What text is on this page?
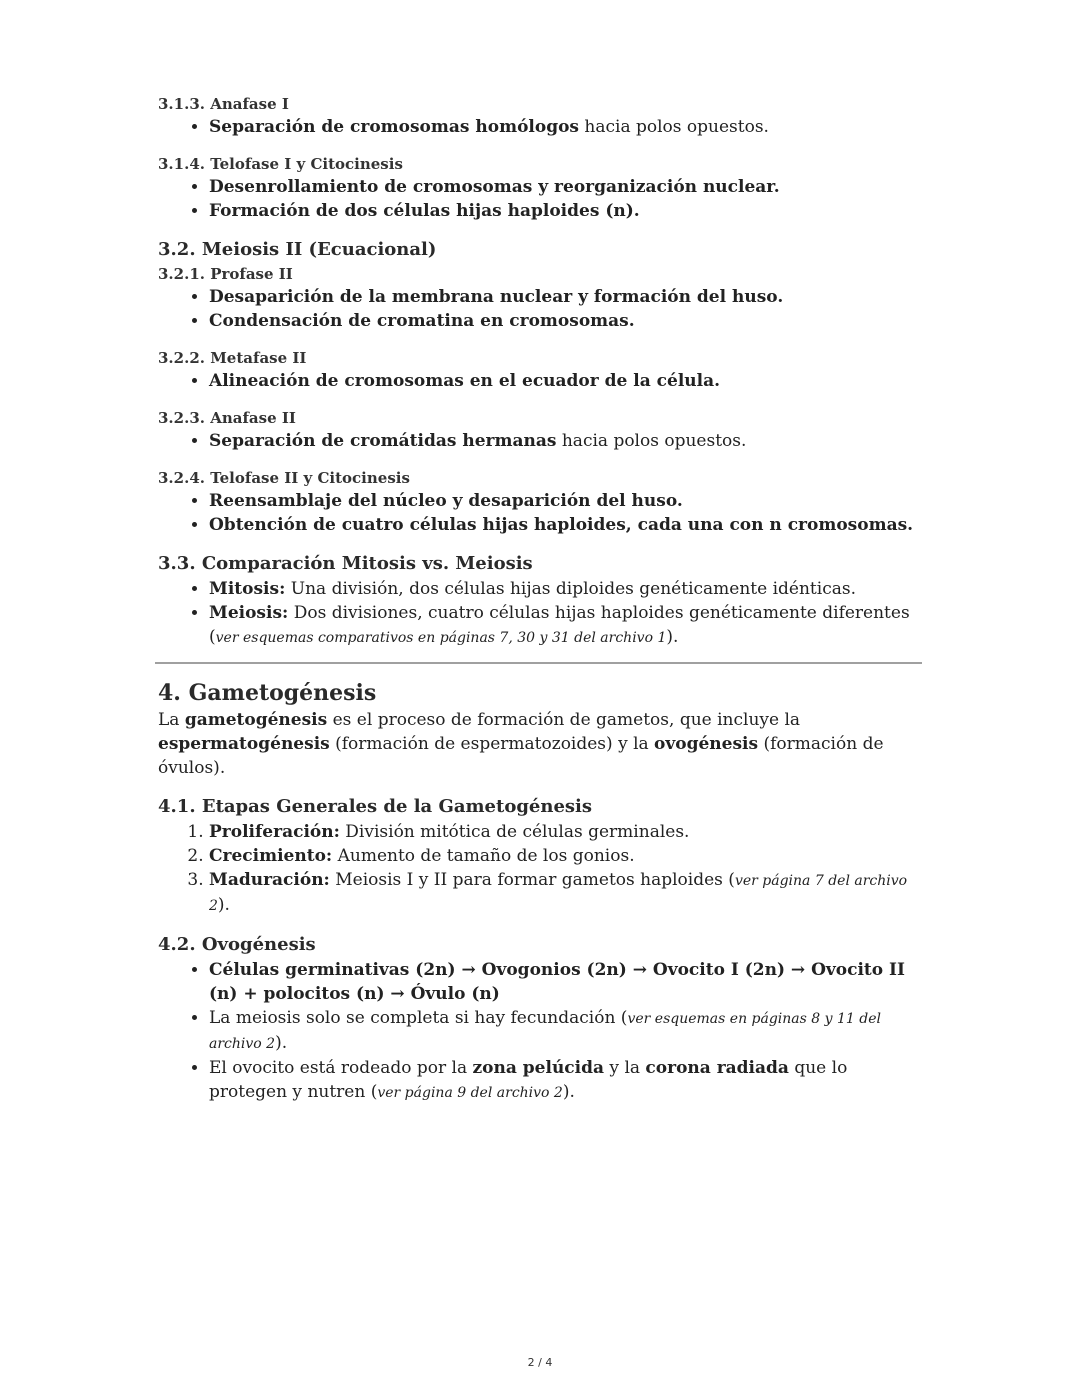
3.1.3. Anafase I
• Separación de cromosomas homólogos hacia polos opuestos.
3.1.4. Telofase I y Citocinesis
• Desenrollamiento de cromosomas y reorganización nuclear.
• Formación de dos células hijas haploides (n).
3.2. Meiosis II (Ecuacional)
3.2.1. Profase II
• Desaparición de la membrana nuclear y formación del huso.
• Condensación de cromatina en cromosomas.
3.2.2. Metafase II
• Alineación de cromosomas en el ecuador de la célula.
3.2.3. Anafase II
• Separación de cromátidas hermanas hacia polos opuestos.
3.2.4. Telofase II y Citocinesis
• Reensamblaje del núcleo y desaparición del huso.
• Obtención de cuatro células hijas haploides, cada una con n cromosomas.
3.3. Comparación Mitosis vs. Meiosis
• Mitosis: Una división, dos células hijas diploides genéticamente idénticas.
• Meiosis: Dos divisiones, cuatro células hijas haploides genéticamente diferentes (ver esquemas comparativos en páginas 7, 30 y 31 del archivo 1).
4. Gametogénesis

La gametogénesis es el proceso de formación de gametos, que incluye la espermatogénesis (formación de espermatozoides) y la ovogénesis (formación de óvulos).

4.1. Etapas Generales de la Gametogénesis
1. Proliferación: División mitótica de células germinales.
2. Crecimiento: Aumento de tamaño de los gonios.
3. Maduración: Meiosis I y II para formar gametos haploides (ver página 7 del archivo 2).
4.2. Ovogénesis
• Células germinativas (2n) → Ovogonios (2n) → Ovocito I (2n) → Ovocito II (n) + polocitos (n) → Óvulo (n)
• La meiosis solo se completa si hay fecundación (ver esquemas en páginas 8 y 11 del archivo 2).
• El ovocito está rodeado por la zona pelúcida y la corona radiada que lo protegen y nutren (ver página 9 del archivo 2).
2 / 4
